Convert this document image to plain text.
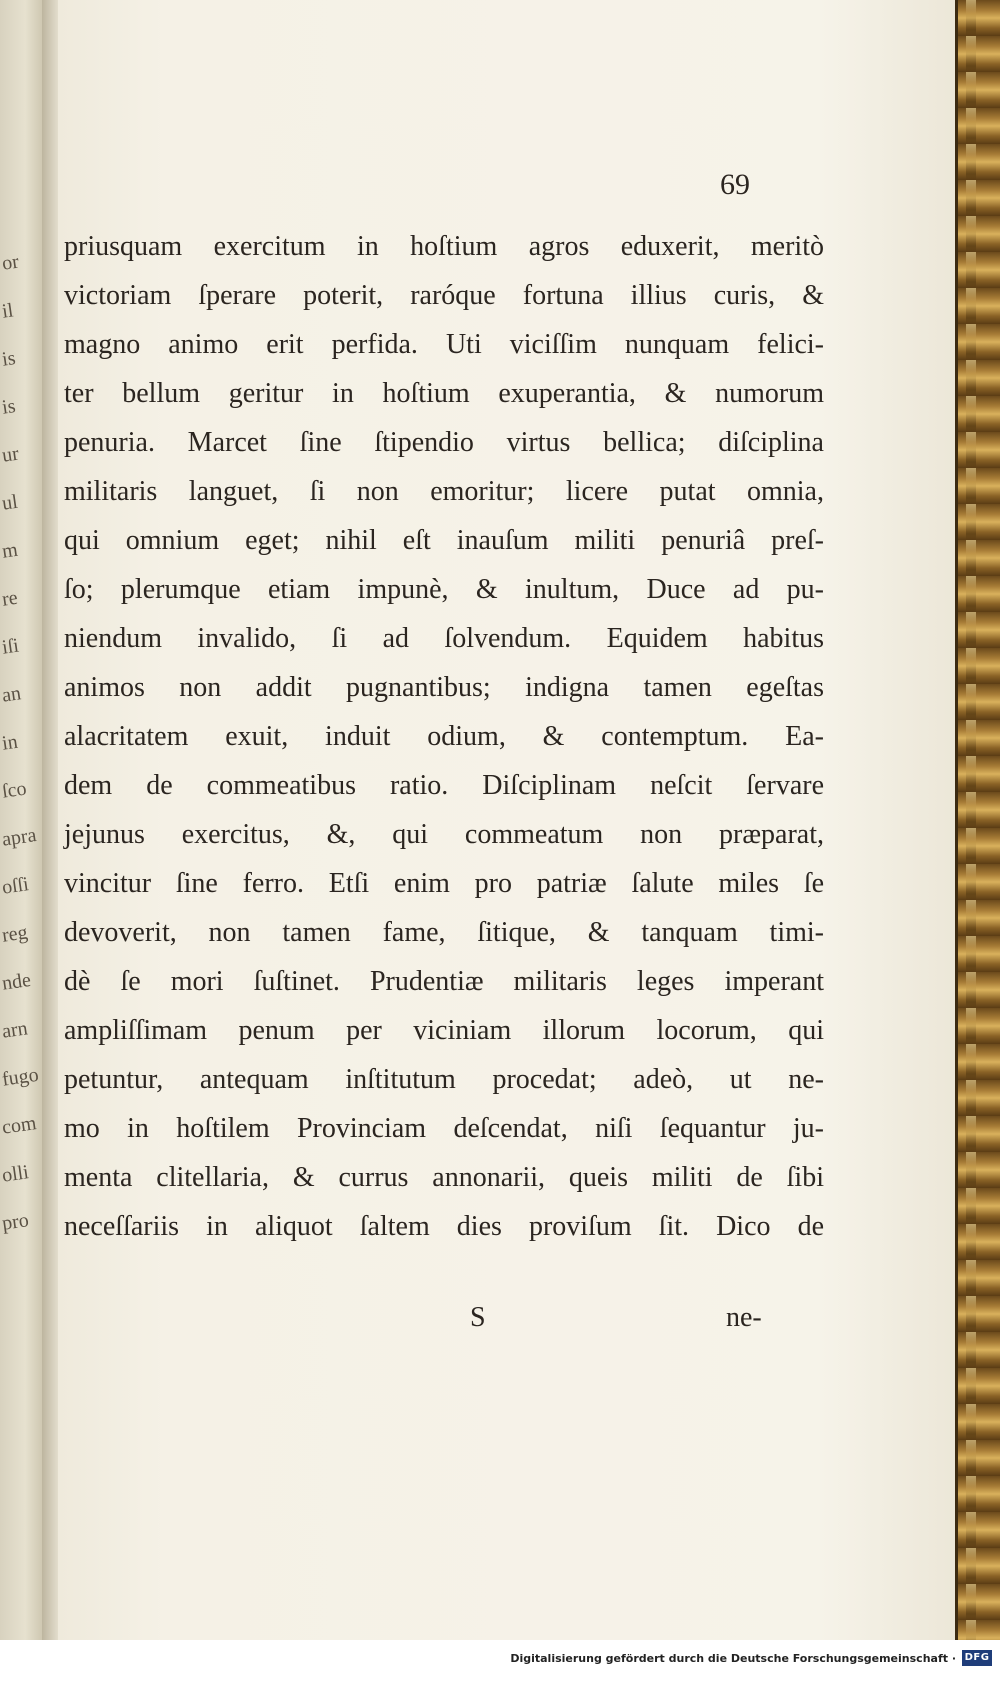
or
il
is
is
ur
ul
m
re
iſi
an
in
ſco
apra
oſſi
reg
nde
arn
fugo
com
olli
pro
69
priusquam exercitum in hoſtium agros eduxerit, meritò
victoriam ſperare poterit, raróque fortuna illius curis, &
magno animo erit perfida. Uti viciſſim nunquam felici-
ter bellum geritur in hoſtium exuperantia, & numorum
penuria. Marcet ſine ſtipendio virtus bellica; diſciplina
militaris languet, ſi non emoritur; licere putat omnia,
qui omnium eget; nihil eſt inauſum militi penuriâ preſ-
ſo; plerumque etiam impunè, & inultum, Duce ad pu-
niendum invalido, ſi ad ſolvendum. Equidem habitus
animos non addit pugnantibus; indigna tamen egeſtas
alacritatem exuit, induit odium, & contemptum. Ea-
dem de commeatibus ratio. Diſciplinam neſcit ſervare
jejunus exercitus, &, qui commeatum non præparat,
vincitur ſine ferro. Etſi enim pro patriæ ſalute miles ſe
devoverit, non tamen fame, ſitique, & tanquam timi-
dè ſe mori ſuſtinet. Prudentiæ militaris leges imperant
ampliſſimam penum per viciniam illorum locorum, qui
petuntur, antequam inſtitutum procedat; adeò, ut ne-
mo in hoſtilem Provinciam deſcendat, niſi ſequantur ju-
menta clitellaria, & currus annonarii, queis militi de ſibi
neceſſariis in aliquot ſaltem dies proviſum ſit. Dico de
S	ne-
Digitalisierung gefördert durch die Deutsche Forschungsgemeinschaft · DFG
